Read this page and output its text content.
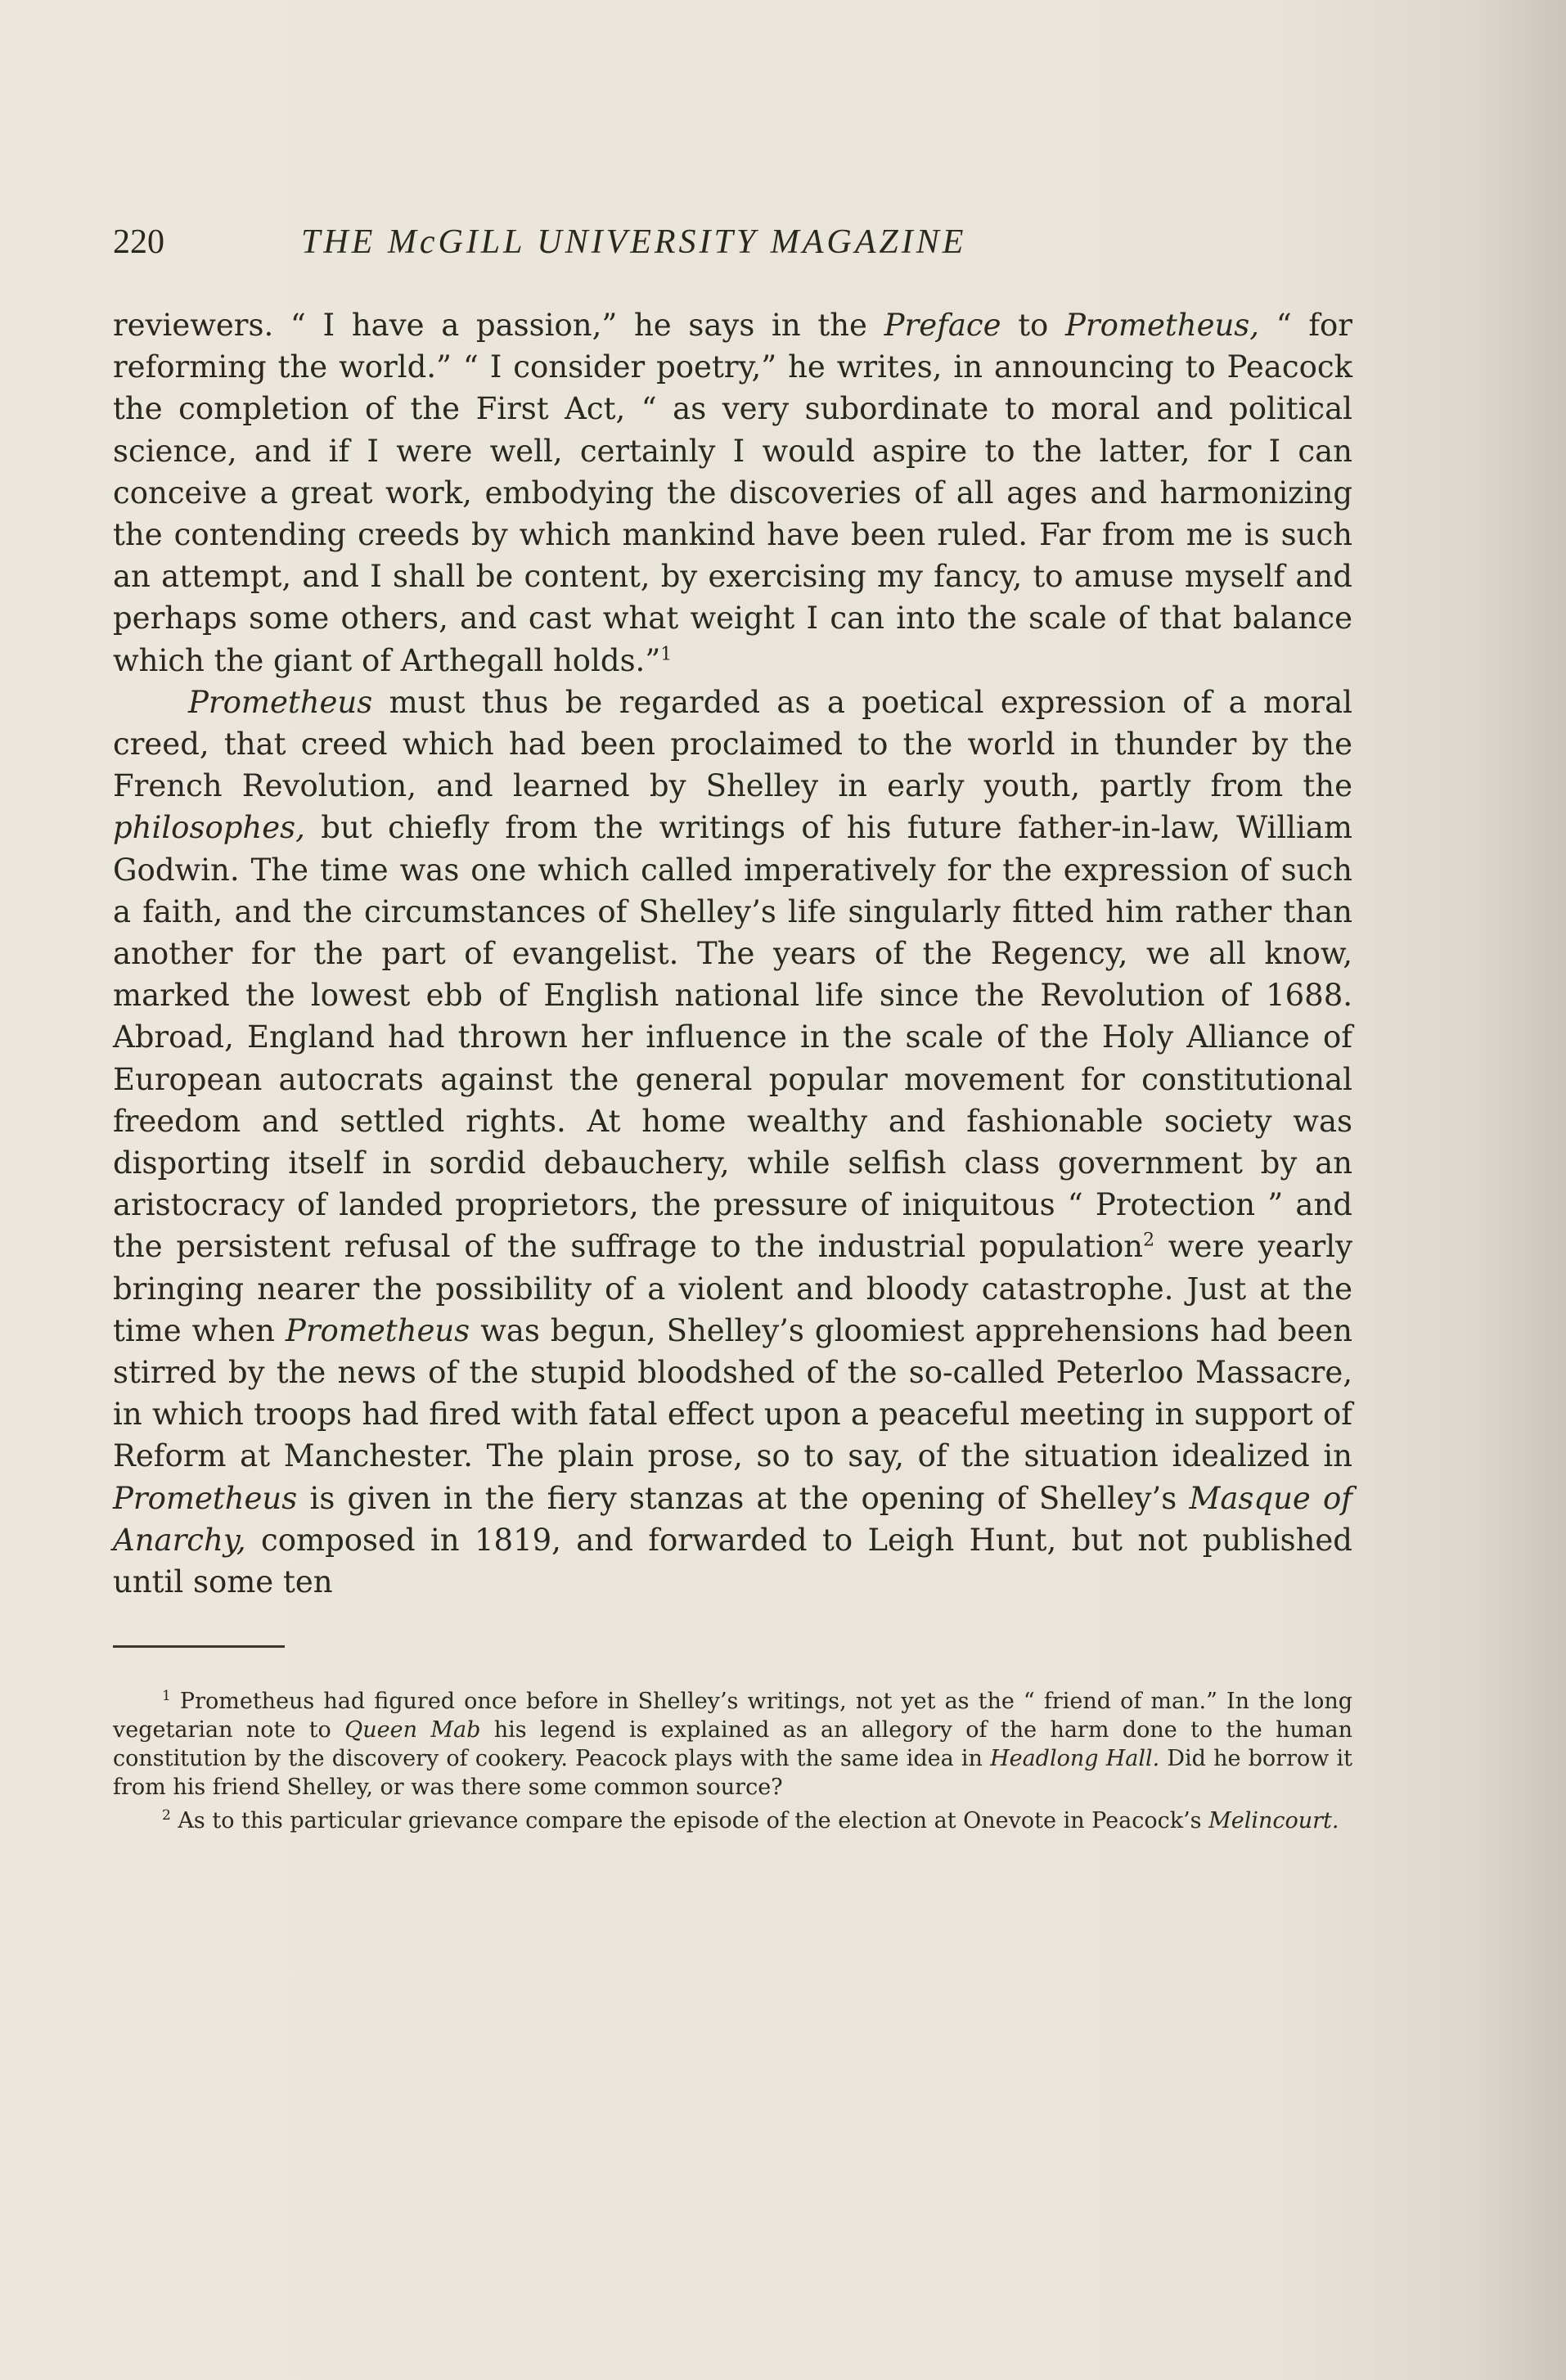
220	THE McGILL UNIVERSITY MAGAZINE

reviewers. “ I have a passion,” he says in the Preface to Prometheus, “ for reforming the world.” “ I consider poetry,” he writes, in announcing to Peacock the completion of the First Act, “ as very subordinate to moral and political science, and if I were well, certainly I would aspire to the latter, for I can conceive a great work, embodying the discoveries of all ages and harmonizing the contending creeds by which mankind have been ruled. Far from me is such an attempt, and I shall be content, by exercising my fancy, to amuse myself and perhaps some others, and cast what weight I can into the scale of that balance which the giant of Arthegall holds.”$^1$

Prometheus must thus be regarded as a poetical expression of a moral creed, that creed which had been proclaimed to the world in thunder by the French Revolution, and learned by Shelley in early youth, partly from the philosophes, but chiefly from the writings of his future father-in-law, William Godwin. The time was one which called imperatively for the expression of such a faith, and the circumstances of Shelley’s life singularly fitted him rather than another for the part of evangelist. The years of the Regency, we all know, marked the lowest ebb of English national life since the Revolution of 1688. Abroad, England had thrown her influence in the scale of the Holy Alliance of European autocrats against the general popular movement for constitutional freedom and settled rights. At home wealthy and fashionable society was disporting itself in sordid debauchery, while selfish class government by an aristocracy of landed proprietors, the pressure of iniquitous “ Protection ” and the persistent refusal of the suffrage to the industrial population$^2$ were yearly bringing nearer the possibility of a violent and bloody catastrophe. Just at the time when Prometheus was begun, Shelley’s gloomiest apprehensions had been stirred by the news of the stupid bloodshed of the so-called Peterloo Massacre, in which troops had fired with fatal effect upon a peaceful meeting in support of Reform at Manchester. The plain prose, so to say, of the situation idealized in Prometheus is given in the fiery stanzas at the opening of Shelley’s Masque of Anarchy, composed in 1819, and forwarded to Leigh Hunt, but not published until some ten

$^1$ Prometheus had figured once before in Shelley’s writings, not yet as the “ friend of man.” In the long vegetarian note to Queen Mab his legend is explained as an allegory of the harm done to the human constitution by the discovery of cookery. Peacock plays with the same idea in Headlong Hall. Did he borrow it from his friend Shelley, or was there some common source?

$^2$ As to this particular grievance compare the episode of the election at Onevote in Peacock’s Melincourt.
